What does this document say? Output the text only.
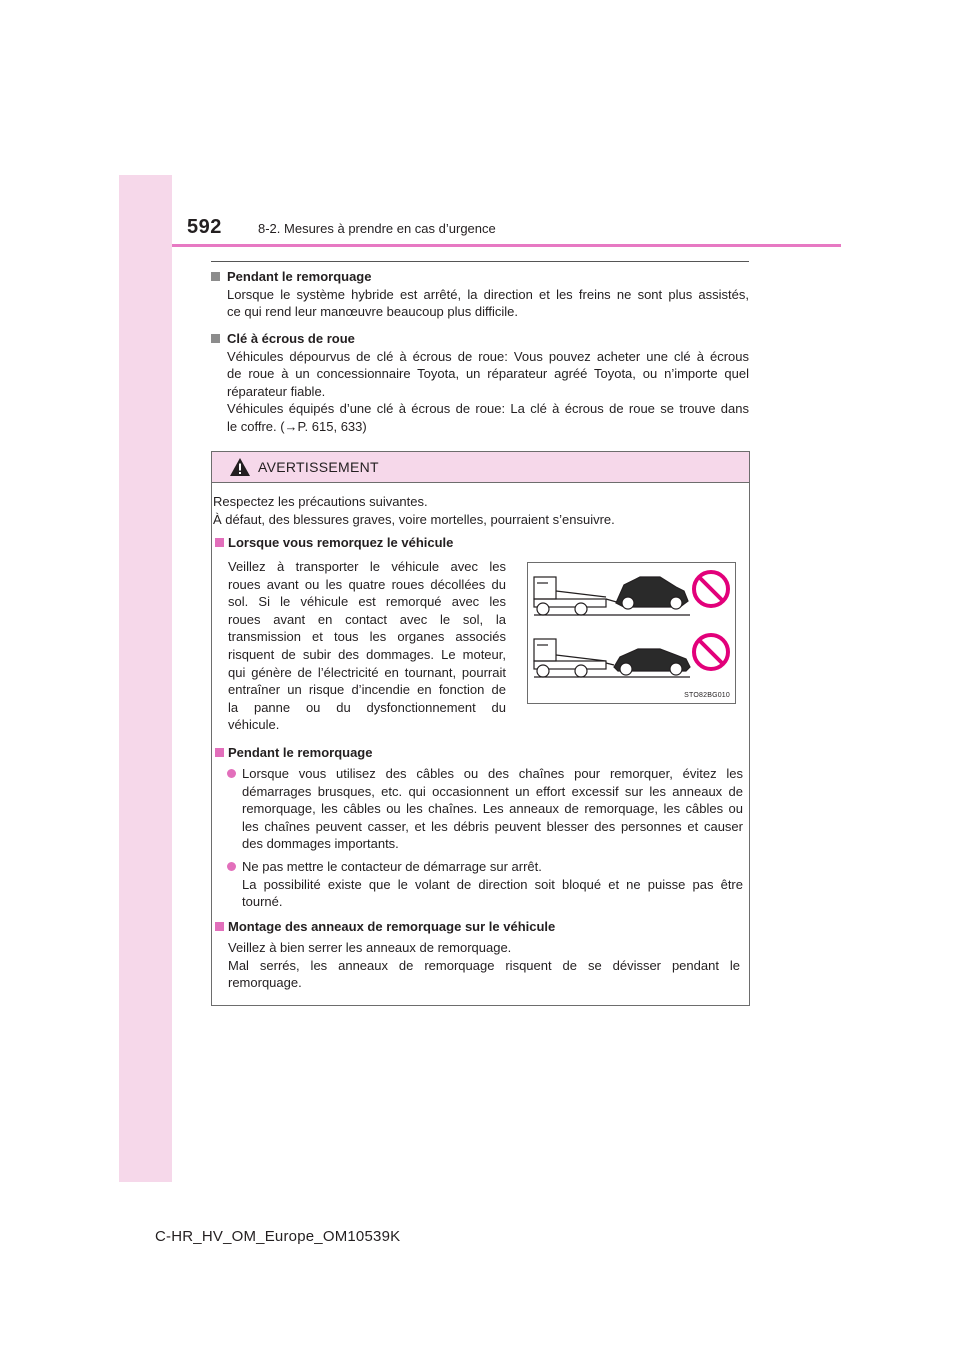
592	8-2. Mesures à prendre en cas d’urgence
Pendant le remorquage
Lorsque le système hybride est arrêté, la direction et les freins ne sont plus assistés,
ce qui rend leur manœuvre beaucoup plus difficile.
Clé à écrous de roue
Véhicules dépourvus de clé à écrous de roue: Vous pouvez acheter une clé à écrous
de roue à un concessionnaire Toyota, un réparateur agréé Toyota, ou n’importe quel
réparateur fiable.
Véhicules équipés d’une clé à écrous de roue: La clé à écrous de roue se trouve dans
le coffre. (→P. 615, 633)
AVERTISSEMENT
Respectez les précautions suivantes.
À défaut, des blessures graves, voire mortelles, pourraient s’ensuivre.
Lorsque vous remorquez le véhicule
Veillez à transporter le véhicule avec les
roues avant ou les quatre roues décollées du
sol. Si le véhicule est remorqué avec les
roues avant en contact avec le sol, la
transmission et tous les organes associés
risquent de subir des dommages. Le moteur,
qui génère de l’électricité en tournant, pourrait
entraîner un risque d’incendie en fonction de
la panne ou du dysfonctionnement du
véhicule.
STO82BG010
Pendant le remorquage
Lorsque vous utilisez des câbles ou des chaînes pour remorquer, évitez les
démarrages brusques, etc. qui occasionnent un effort excessif sur les anneaux de
remorquage, les câbles ou les chaînes. Les anneaux de remorquage, les câbles ou
les chaînes peuvent casser, et les débris peuvent blesser des personnes et causer
des dommages importants.
Ne pas mettre le contacteur de démarrage sur arrêt.
La possibilité existe que le volant de direction soit bloqué et ne puisse pas être
tourné.
Montage des anneaux de remorquage sur le véhicule
Veillez à bien serrer les anneaux de remorquage.
Mal serrés, les anneaux de remorquage risquent de se dévisser pendant le
remorquage.
C-HR_HV_OM_Europe_OM10539K
